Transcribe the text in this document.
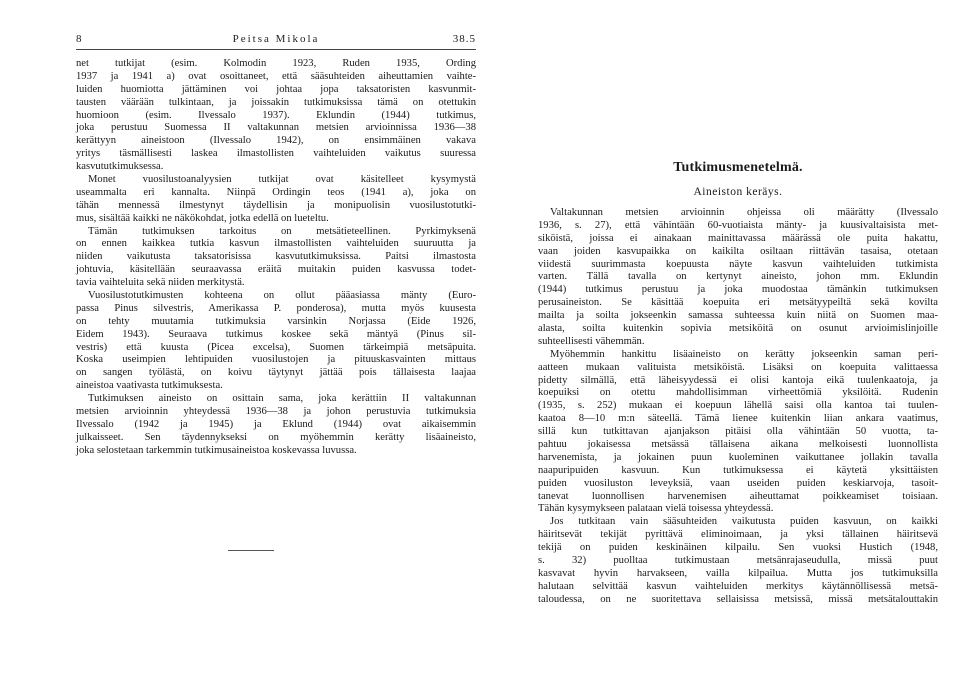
8	Peitsa Mikola	38.5
net tutkijat (esim. Kolmodin 1923, Ruden 1935, Ording
1937 ja 1941 a) ovat osoittaneet, että sääsuhteiden aiheuttamien vaihte-
luiden huomiotta jättäminen voi johtaa jopa taksatoristen kasvunmit-
tausten väärään tulkintaan, ja joissakin tutkimuksissa tämä on otettukin
huomioon (esim. Ilvessalo 1937). Eklundin (1944) tutkimus,
joka perustuu Suomessa II valtakunnan metsien arvioinnissa 1936—38
kerättyyn aineistoon (Ilvessalo 1942), on ensimmäinen vakava
yritys täsmällisesti laskea ilmastollisten vaihteluiden vaikutus suuressa
kasvututkimuksessa.
Monet vuosilustoanalyysien tutkijat ovat käsitelleet kysymystä
useammalta eri kannalta. Niinpä Ordingin teos (1941 a), joka on
tähän mennessä ilmestynyt täydellisin ja monipuolisin vuosilustotutki-
mus, sisältää kaikki ne näkökohdat, jotka edellä on lueteltu.
Tämän tutkimuksen tarkoitus on metsätieteellinen. Pyrkimyksenä
on ennen kaikkea tutkia kasvun ilmastollisten vaihteluiden suuruutta ja
niiden vaikutusta taksatorisissa kasvututkimuksissa. Paitsi ilmastosta
johtuvia, käsitellään seuraavassa eräitä muitakin puiden kasvussa todet-
tavia vaihteluita sekä niiden merkitystä.
Vuosilustotutkimusten kohteena on ollut pääasiassa mänty (Euro-
passa Pinus silvestris, Amerikassa P. ponderosa), mutta myös kuusesta
on tehty muutamia tutkimuksia varsinkin Norjassa (Eide 1926,
Eidem 1943). Seuraava tutkimus koskee sekä mäntyä (Pinus sil-
vestris) että kuusta (Picea excelsa), Suomen tärkeimpiä metsäpuita.
Koska useimpien lehtipuiden vuosilustojen ja pituuskasvainten mittaus
on sangen työlästä, on koivu täytynyt jättää pois tällaisesta laajaa
aineistoa vaativasta tutkimuksesta.
Tutkimuksen aineisto on osittain sama, joka kerättiin II valtakunnan
metsien arvioinnin yhteydessä 1936—38 ja johon perustuvia tutkimuksia
Ilvessalo (1942 ja 1945) ja Eklund (1944) ovat aikaisemmin
julkaisseet. Sen täydennykseksi on myöhemmin kerätty lisäaineisto,
joka selostetaan tarkemmin tutkimusaineistoa koskevassa luvussa.
Tutkimusmenetelmä.
Aineiston keräys.
Valtakunnan metsien arvioinnin ohjeissa oli määrätty (Ilvessalo
1936, s. 27), että vähintään 60-vuotiaista mänty- ja kuusivaltaisista met-
siköistä, joissa ei ainakaan mainittavassa määrässä ole puita hakattu,
vaan joiden kasvupaikka on kaikilta osiltaan riittävän tasaisa, otetaan
viidestä suurimmasta koepuusta näyte kasvun vaihteluiden tutkimista
varten. Tällä tavalla on kertynyt aineisto, johon mm. Eklundin
(1944) tutkimus perustuu ja joka muodostaa tämänkin tutkimuksen
perusaineiston. Se käsittää koepuita eri metsätyypeiltä sekä kovilta
mailta ja soilta jokseenkin samassa suhteessa kuin niitä on Suomen maa-
alasta, soilta kuitenkin sopivia metsiköitä on osunut arvioimislinjoille
suhteellisesti vähemmän.
Myöhemmin hankittu lisäaineisto on kerätty jokseenkin saman peri-
aatteen mukaan valituista metsiköistä. Lisäksi on koepuita valittaessa
pidetty silmällä, että läheisyydessä ei olisi kantoja eikä tuulenkaatoja, ja
koepuiksi on otettu mahdollisimman virheettömiä yksilöitä. Rudenin
(1935, s. 252) mukaan ei koepuun lähellä saisi olla kantoa tai tuulen-
kaatoa 8—10 m:n säteellä. Tämä lienee kuitenkin liian ankara vaatimus,
sillä kun tutkittavan ajanjakson pitäisi olla vähintään 50 vuotta, ta-
pahtuu jokaisessa metsässä tällaisena aikana melkoisesti luonnollista
harvenemista, ja jokainen puun kuoleminen vaikuttanee jollakin tavalla
naapuripuiden kasvuun. Kun tutkimuksessa ei käytetä yksittäisten
puiden vuosiluston leveyksiä, vaan useiden puiden keskiarvoja, tasoit-
tanevat luonnollisen harvenemisen aiheuttamat poikkeamiset toisiaan.
Tähän kysymykseen palataan vielä toisessa yhteydessä.
Jos tutkitaan vain sääsuhteiden vaikutusta puiden kasvuun, on kaikki
häiritsevät tekijät pyrittävä eliminoimaan, ja yksi tällainen häiritsevä
tekijä on puiden keskinäinen kilpailu. Sen vuoksi Hustich (1948,
s. 32) puolltaa tutkimustaan metsänrajaseudulla, missä puut
kasvavat hyvin harvakseen, vailla kilpailua. Mutta jos tutkimuksilla
halutaan selvittää kasvun vaihteluiden merkitys käytännöllisessä metsä-
taloudessa, on ne suoritettava sellaisissa metsissä, missä metsätalouttakin
